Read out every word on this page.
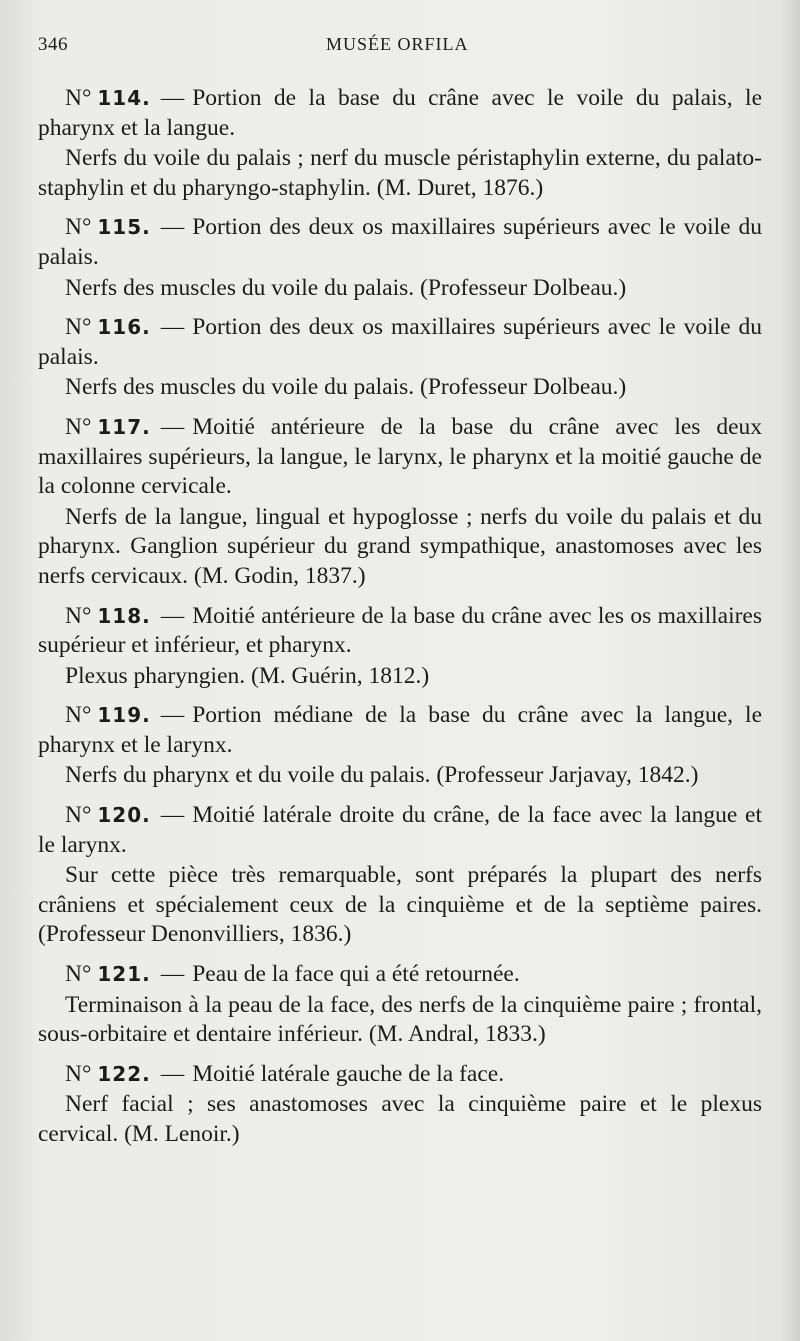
346	MUSÉE ORFILA

N° 114. — Portion de la base du crâne avec le voile du palais, le pharynx et la langue.

Nerfs du voile du palais ; nerf du muscle péristaphylin externe, du palato-staphylin et du pharyngo-staphylin. (M. Duret, 1876.)

N° 115. — Portion des deux os maxillaires supérieurs avec le voile du palais.

Nerfs des muscles du voile du palais. (Professeur Dolbeau.)

N° 116. — Portion des deux os maxillaires supérieurs avec le voile du palais.

Nerfs des muscles du voile du palais. (Professeur Dolbeau.)

N° 117. — Moitié antérieure de la base du crâne avec les deux maxillaires supérieurs, la langue, le larynx, le pharynx et la moitié gauche de la colonne cervicale.

Nerfs de la langue, lingual et hypoglosse ; nerfs du voile du palais et du pharynx. Ganglion supérieur du grand sympathique, anastomoses avec les nerfs cervicaux. (M. Godin, 1837.)

N° 118. — Moitié antérieure de la base du crâne avec les os maxillaires supérieur et inférieur, et pharynx.

Plexus pharyngien. (M. Guérin, 1812.)

N° 119. — Portion médiane de la base du crâne avec la langue, le pharynx et le larynx.

Nerfs du pharynx et du voile du palais. (Professeur Jarjavay, 1842.)

N° 120. — Moitié latérale droite du crâne, de la face avec la langue et le larynx.

Sur cette pièce très remarquable, sont préparés la plupart des nerfs crâniens et spécialement ceux de la cinquième et de la septième paires. (Professeur Denonvilliers, 1836.)

N° 121. — Peau de la face qui a été retournée.

Terminaison à la peau de la face, des nerfs de la cinquième paire ; frontal, sous-orbitaire et dentaire inférieur. (M. Andral, 1833.)

N° 122. — Moitié latérale gauche de la face.

Nerf facial ; ses anastomoses avec la cinquième paire et le plexus cervical. (M. Lenoir.)
